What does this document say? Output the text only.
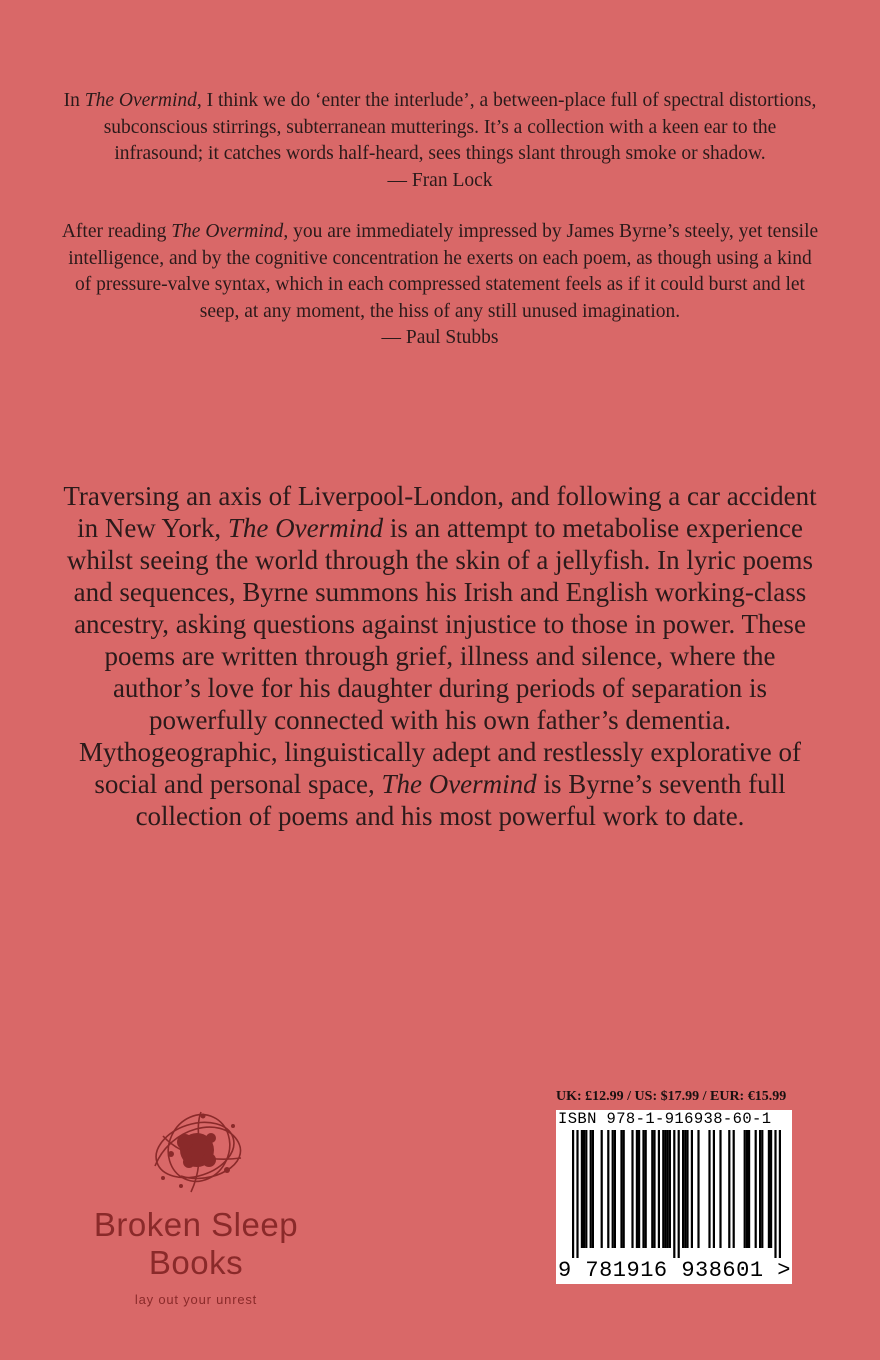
In The Overmind, I think we do ‘enter the interlude’, a between-place full of spectral distortions, subconscious stirrings, subterranean mutterings. It’s a collection with a keen ear to the infrasound; it catches words half-heard, sees things slant through smoke or shadow.
— Fran Lock

After reading The Overmind, you are immediately impressed by James Byrne’s steely, yet tensile intelligence, and by the cognitive concentration he exerts on each poem, as though using a kind of pressure-valve syntax, which in each compressed statement feels as if it could burst and let seep, at any moment, the hiss of any still unused imagination.
— Paul Stubbs

Traversing an axis of Liverpool-London, and following a car accident in New York, The Overmind is an attempt to metabolise experience whilst seeing the world through the skin of a jellyfish. In lyric poems and sequences, Byrne summons his Irish and English working-class ancestry, asking questions against injustice to those in power. These poems are written through grief, illness and silence, where the author’s love for his daughter during periods of separation is powerfully connected with his own father’s dementia. Mythogeographic, linguistically adept and restlessly explorative of social and personal space, The Overmind is Byrne’s seventh full collection of poems and his most powerful work to date.

Broken Sleep Books
lay out your unrest
UK: £12.99 / US: $17.99 / EUR: €15.99
ISBN 978-1-916938-60-1
9 781916 938601 >
